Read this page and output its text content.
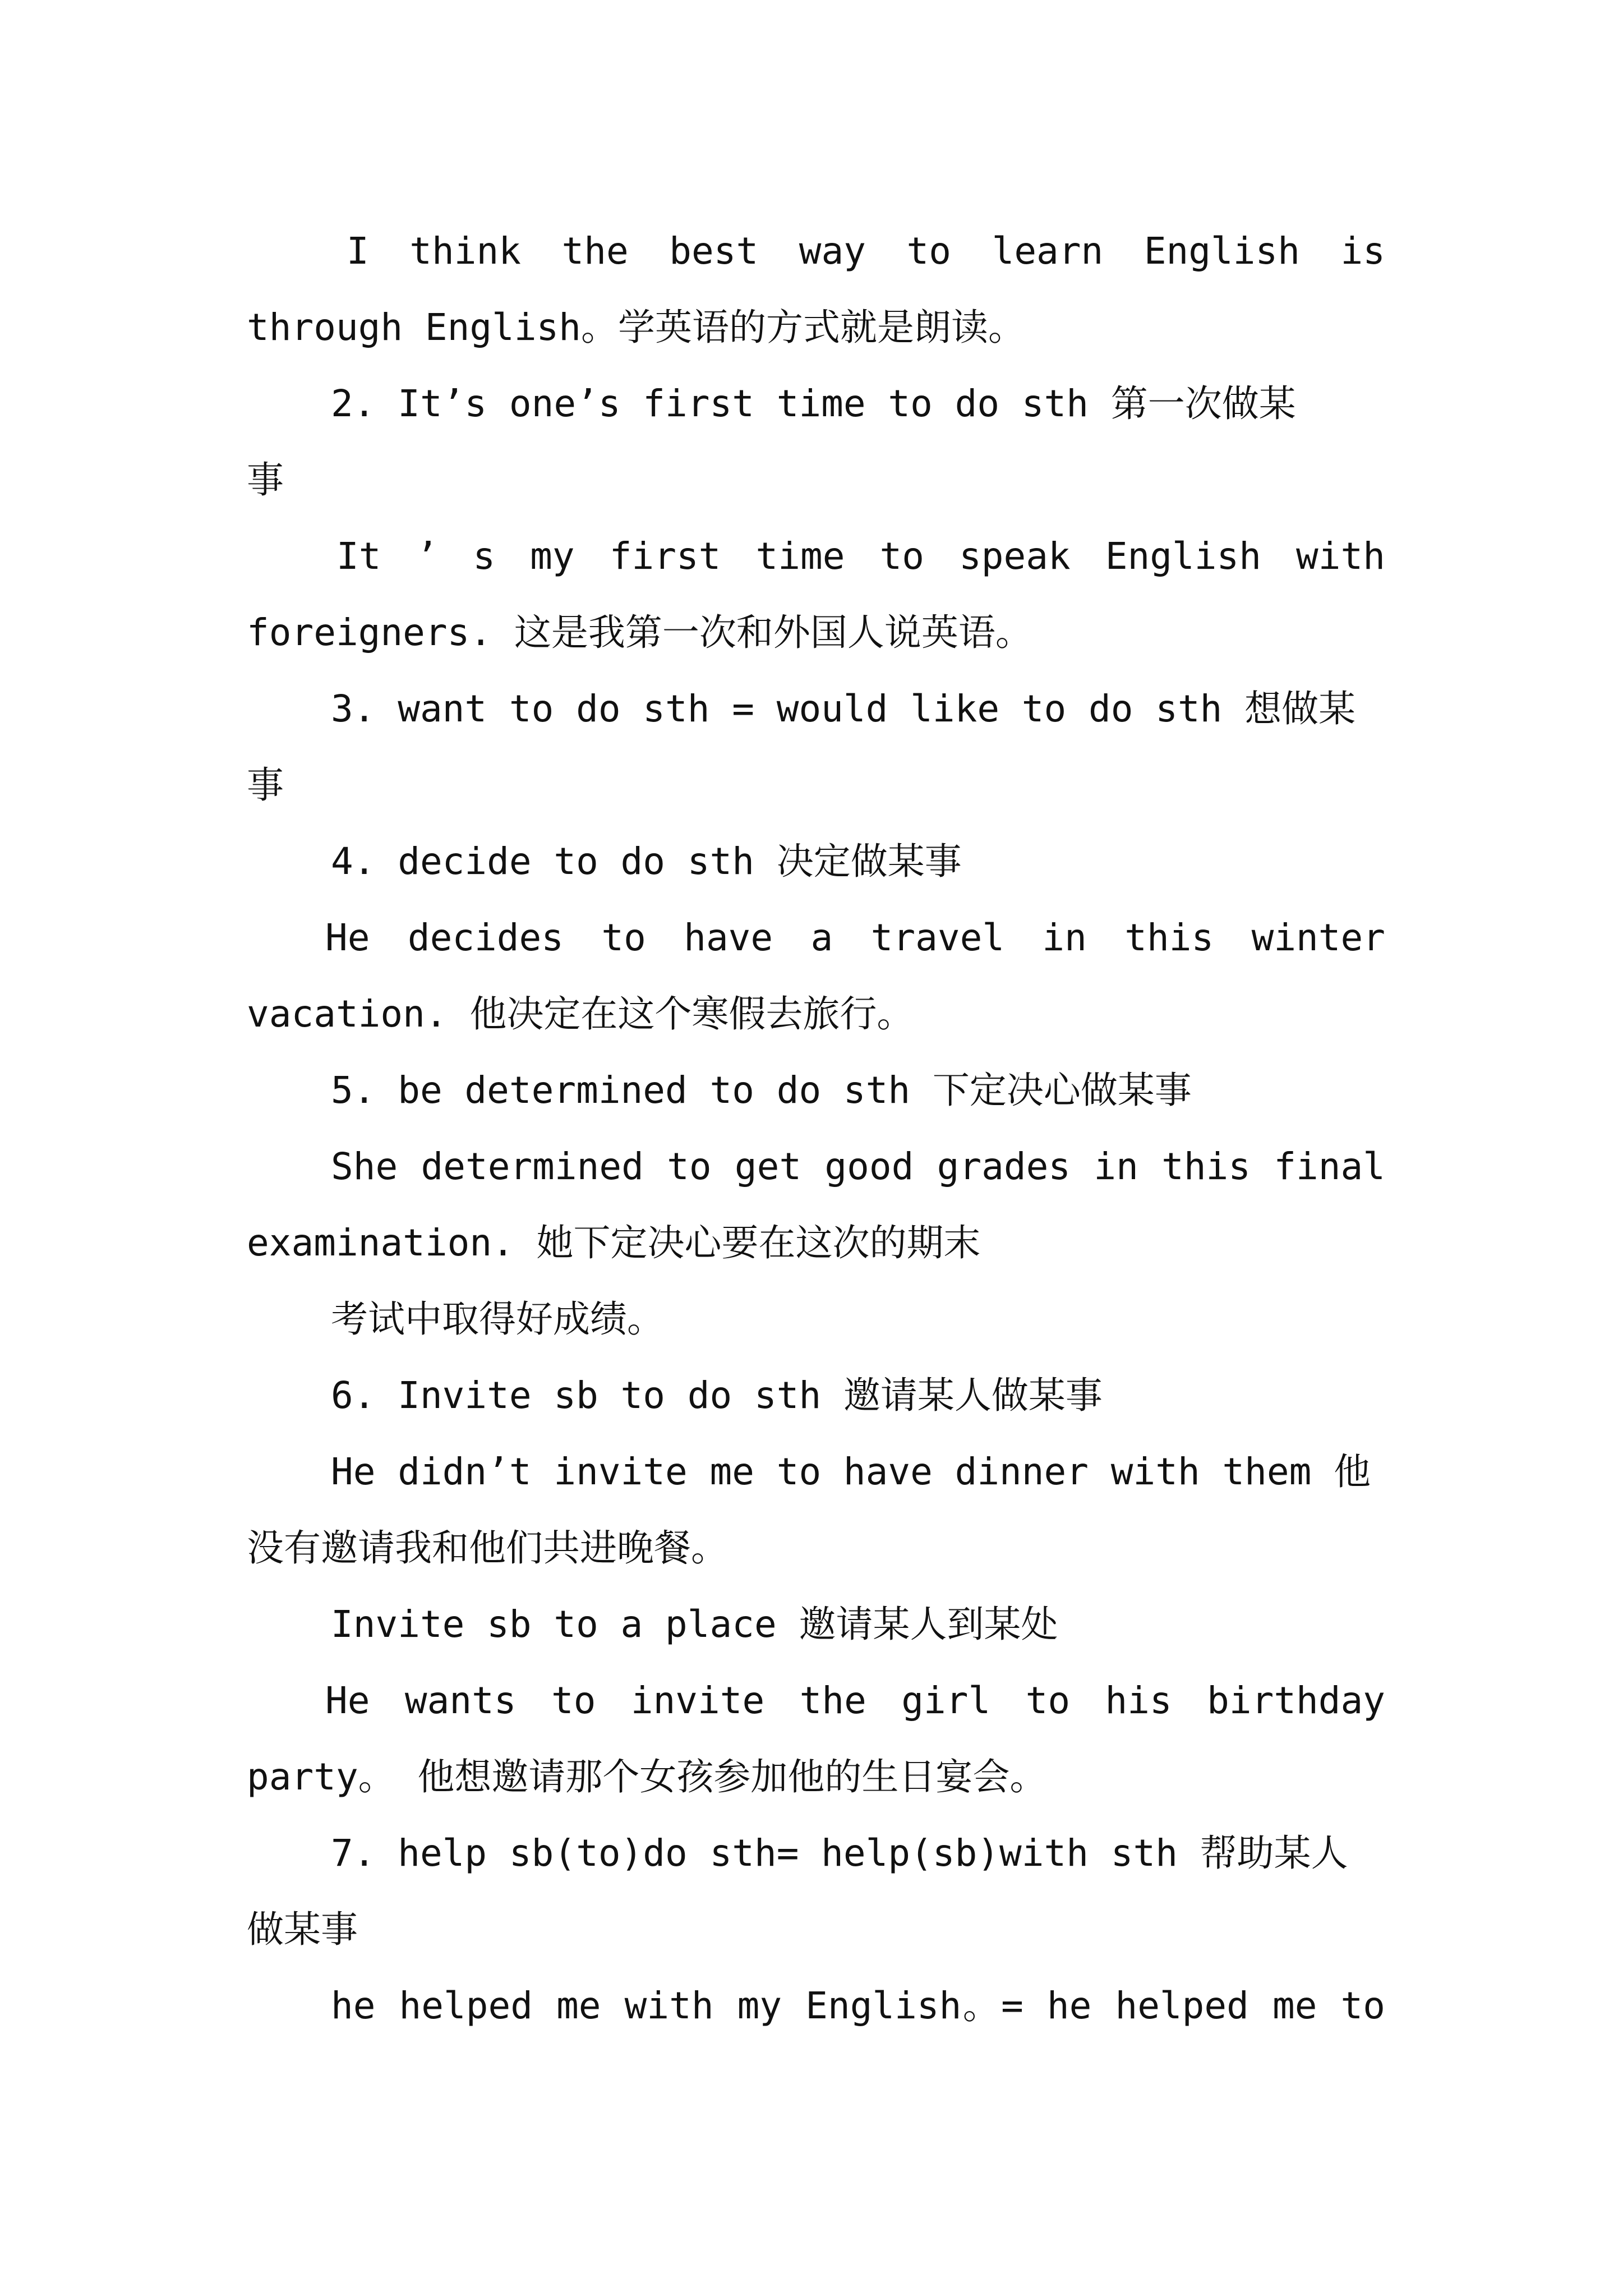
I think the best way to learn English is
through English。学英语的方式就是朗读。
2. It’s one’s first time to do sth 第一次做某
事
It ’ s my first time to speak English with
foreigners. 这是我第一次和外国人说英语。
3. want to do sth = would like to do sth 想做某
事
4. decide to do sth 决定做某事
He decides to have a travel in this winter
vacation. 他决定在这个寒假去旅行。
5. be determined to do sth 下定决心做某事
She determined to get good grades in this final
examination. 她下定决心要在这次的期末
考试中取得好成绩。
6. Invite sb to do sth 邀请某人做某事
He didn’t invite me to have dinner with them 他
没有邀请我和他们共进晚餐。
Invite sb to a place 邀请某人到某处
He wants to invite the girl to his birthday
party。 他想邀请那个女孩参加他的生日宴会。
7. help sb(to)do sth= help(sb)with sth 帮助某人
做某事
he helped me with my English。= he helped me to
